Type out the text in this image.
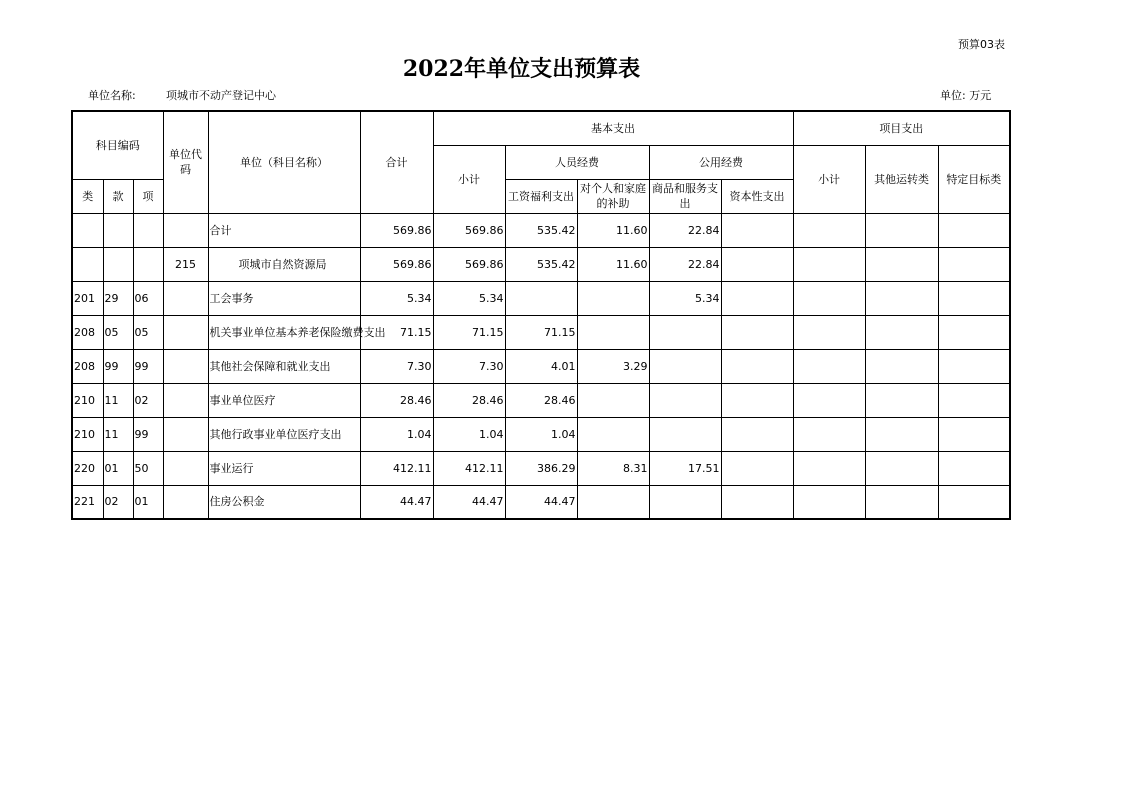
预算03表
2022年单位支出预算表
单位名称:	项城市不动产登记中心	单位: 万元
科目编码			单位代码	单位（科目名称）	合计	基本支出					项目支出		
						小计	人员经费		公用经费		小计	其他运转类	特定目标类
类	款	项					工资福利支出	对个人和家庭的补助	商品和服务支出	资本性支出			
				合计	569.86	569.86	535.42	11.60	22.84				
			215	项城市自然资源局	569.86	569.86	535.42	11.60	22.84				
201	29	06		工会事务	5.34	5.34			5.34				
208	05	05		机关事业单位基本养老保险缴费支出	71.15	71.15	71.15						
208	99	99		其他社会保障和就业支出	7.30	7.30	4.01	3.29					
210	11	02		事业单位医疗	28.46	28.46	28.46						
210	11	99		其他行政事业单位医疗支出	1.04	1.04	1.04						
220	01	50		事业运行	412.11	412.11	386.29	8.31	17.51				
221	02	01		住房公积金	44.47	44.47	44.47						
